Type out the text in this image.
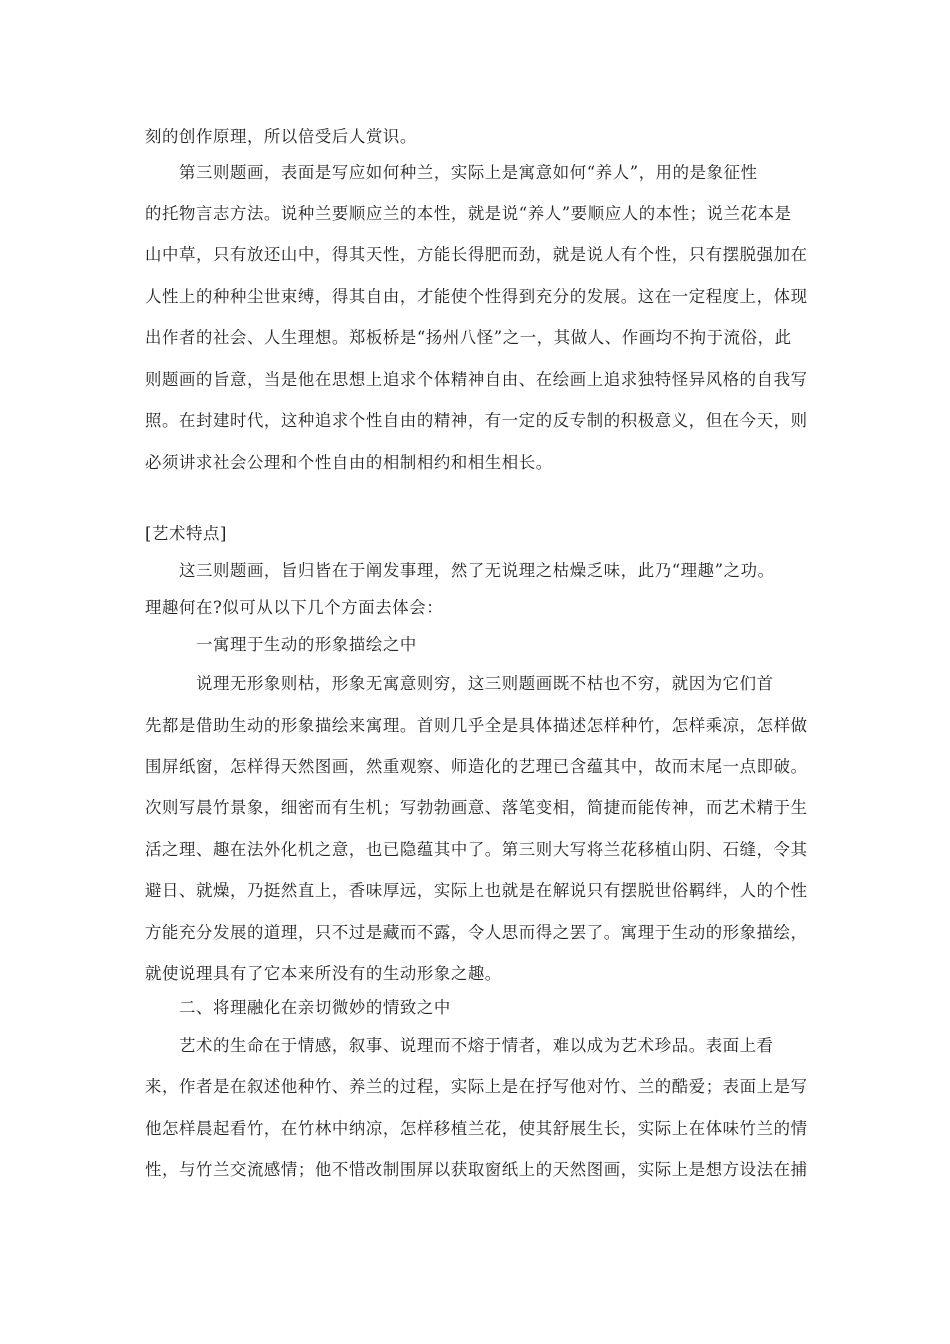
刻的创作原理，所以倍受后人赏识。
　　第三则题画，表面是写应如何种兰，实际上是寓意如何“养人”，用的是象征性
的托物言志方法。说种兰要顺应兰的本性，就是说“养人”要顺应人的本性；说兰花本是
山中草，只有放还山中，得其天性，方能长得肥而劲，就是说人有个性，只有摆脱强加在
人性上的种种尘世束缚，得其自由，才能使个性得到充分的发展。这在一定程度上，体现
出作者的社会、人生理想。郑板桥是“扬州八怪”之一，其做人、作画均不拘于流俗，此
则题画的旨意，当是他在思想上追求个体精神自由、在绘画上追求独特怪异风格的自我写
照。在封建时代，这种追求个性自由的精神，有一定的反专制的积极意义，但在今天，则
必须讲求社会公理和个性自由的相制相约和相生相长。
[艺术特点]
　　这三则题画，旨归皆在于阐发事理，然了无说理之枯燥乏味，此乃“理趣”之功。
理趣何在?似可从以下几个方面去体会：
　　　一寓理于生动的形象描绘之中
　　　说理无形象则枯，形象无寓意则穷，这三则题画既不枯也不穷，就因为它们首
先都是借助生动的形象描绘来寓理。首则几乎全是具体描述怎样种竹，怎样乘凉，怎样做
围屏纸窗，怎样得天然图画，然重观察、师造化的艺理已含蕴其中，故而末尾一点即破。
次则写晨竹景象，细密而有生机；写勃勃画意、落笔变相，简捷而能传神，而艺术精于生
活之理、趣在法外化机之意，也已隐蕴其中了。第三则大写将兰花移植山阴、石缝，令其
避日、就燥，乃挺然直上，香味厚远，实际上也就是在解说只有摆脱世俗羁绊，人的个性
方能充分发展的道理，只不过是藏而不露，令人思而得之罢了。寓理于生动的形象描绘，
就使说理具有了它本来所没有的生动形象之趣。
　　二、将理融化在亲切微妙的情致之中
　　艺术的生命在于情感，叙事、说理而不熔于情者，难以成为艺术珍品。表面上看
来，作者是在叙述他种竹、养兰的过程，实际上是在抒写他对竹、兰的酷爱；表面上是写
他怎样晨起看竹，在竹林中纳凉，怎样移植兰花，使其舒展生长，实际上在体味竹兰的情
性，与竹兰交流感情；他不惜改制围屏以获取窗纸上的天然图画，实际上是想方设法在捕
